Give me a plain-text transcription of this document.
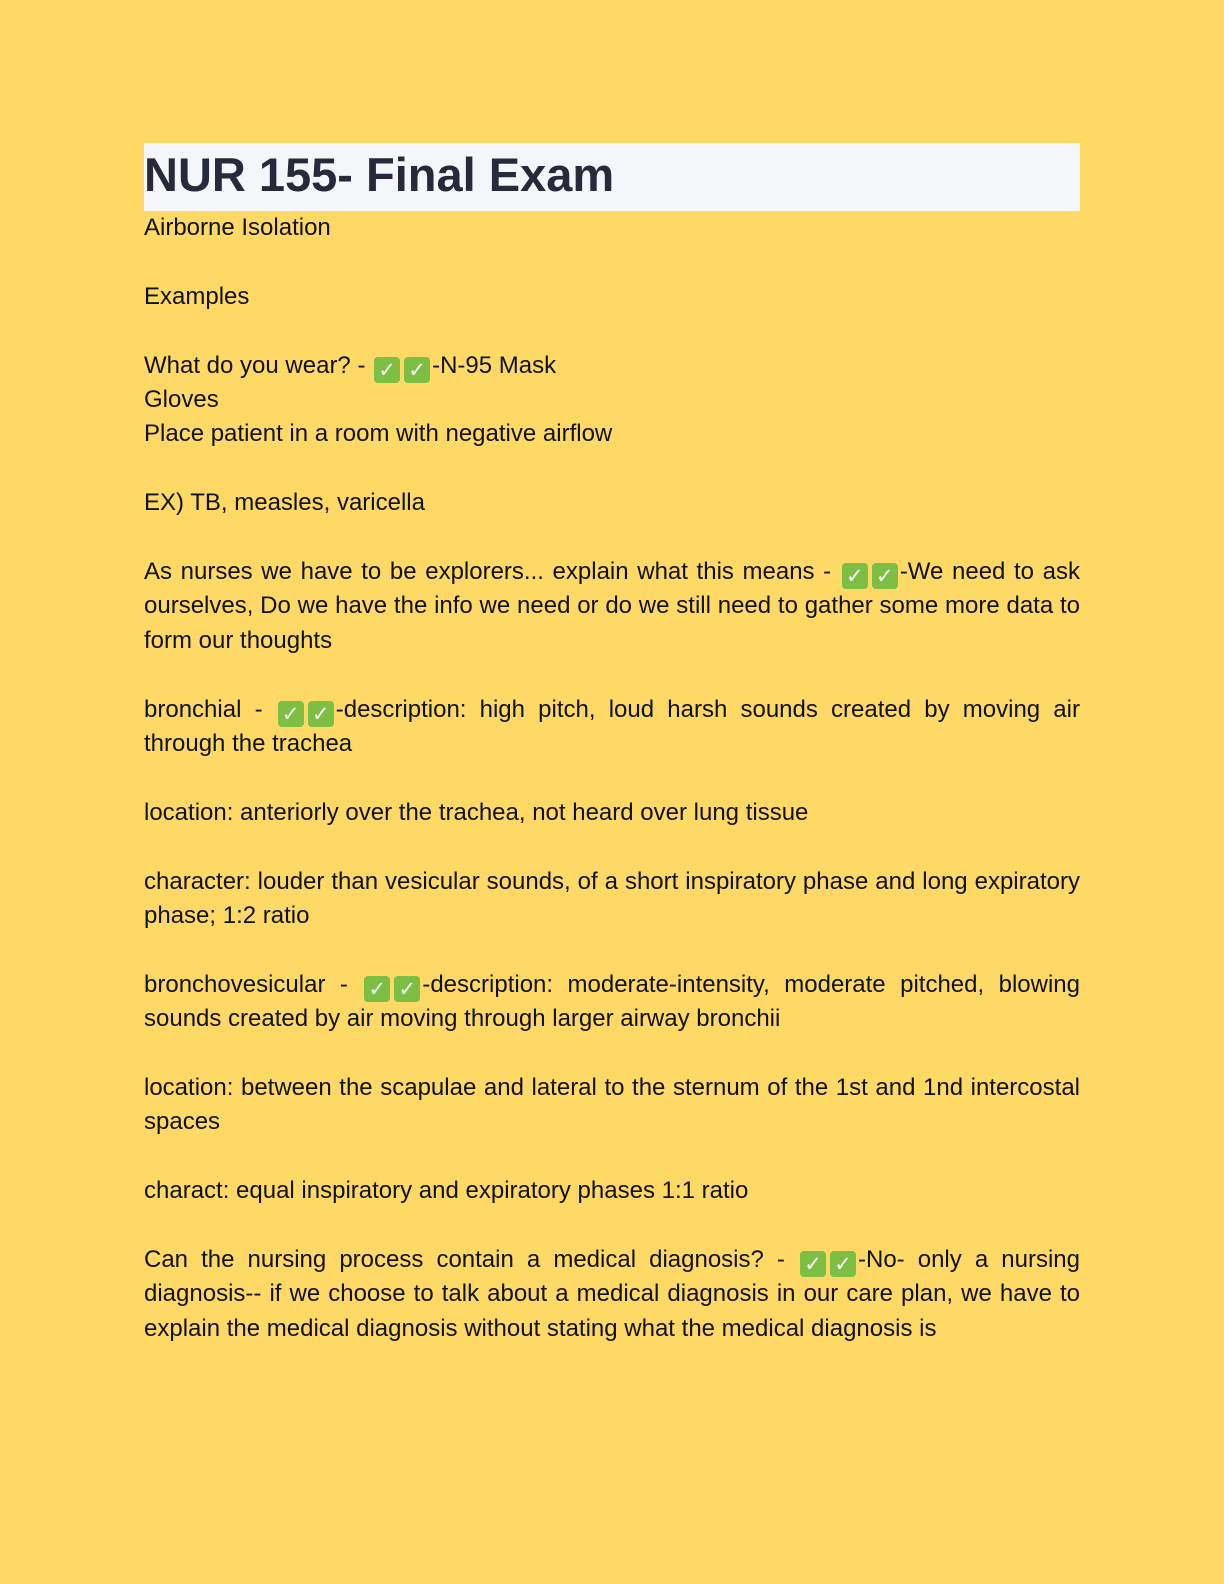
NUR 155- Final Exam

Airborne Isolation

Examples

What do you wear? - ✓ ✓ -N-95 Mask

Gloves

Place patient in a room with negative airflow

EX) TB, measles, varicella

As nurses we have to be explorers... explain what this means - ✓ ✓ -We need to ask ourselves, Do we have the info we need or do we still need to gather some more data to form our thoughts

bronchial - ✓ ✓ -description: high pitch, loud harsh sounds created by moving air through the trachea

location: anteriorly over the trachea, not heard over lung tissue

character: louder than vesicular sounds, of a short inspiratory phase and long expiratory phase; 1:2 ratio

bronchovesicular - ✓ ✓ -description: moderate-intensity, moderate pitched, blowing sounds created by air moving through larger airway bronchii

location: between the scapulae and lateral to the sternum of the 1st and 1nd intercostal spaces

charact: equal inspiratory and expiratory phases 1:1 ratio

Can the nursing process contain a medical diagnosis? - ✓ ✓ -No- only a nursing diagnosis-- if we choose to talk about a medical diagnosis in our care plan, we have to explain the medical diagnosis without stating what the medical diagnosis is
